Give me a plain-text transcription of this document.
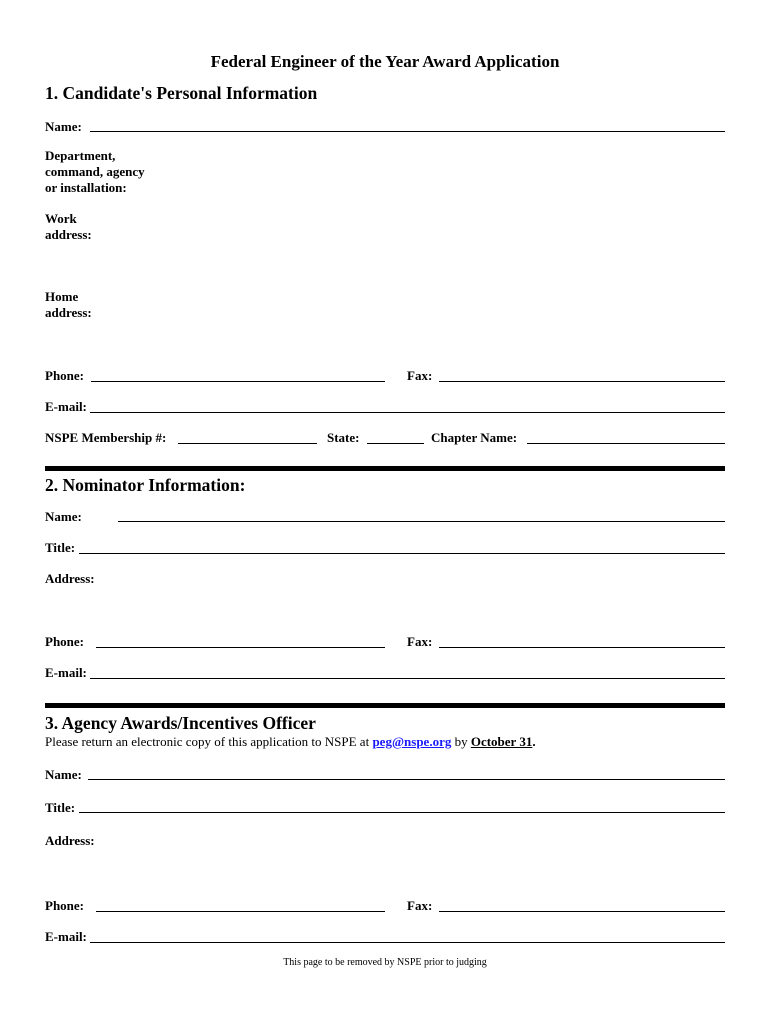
Federal Engineer of the Year Award Application
1. Candidate's Personal Information
Name:
Department,
command, agency
or installation:
Work
address:
Home
address:
Phone:	Fax:
E-mail:
NSPE Membership #:	State:	Chapter Name:
2. Nominator Information:
Name:
Title:
Address:
Phone:	Fax:
E-mail:
3. Agency Awards/Incentives Officer
Please return an electronic copy of this application to NSPE at peg@nspe.org by October 31.
Name:
Title:
Address:
Phone:	Fax:
E-mail:
This page to be removed by NSPE prior to judging
